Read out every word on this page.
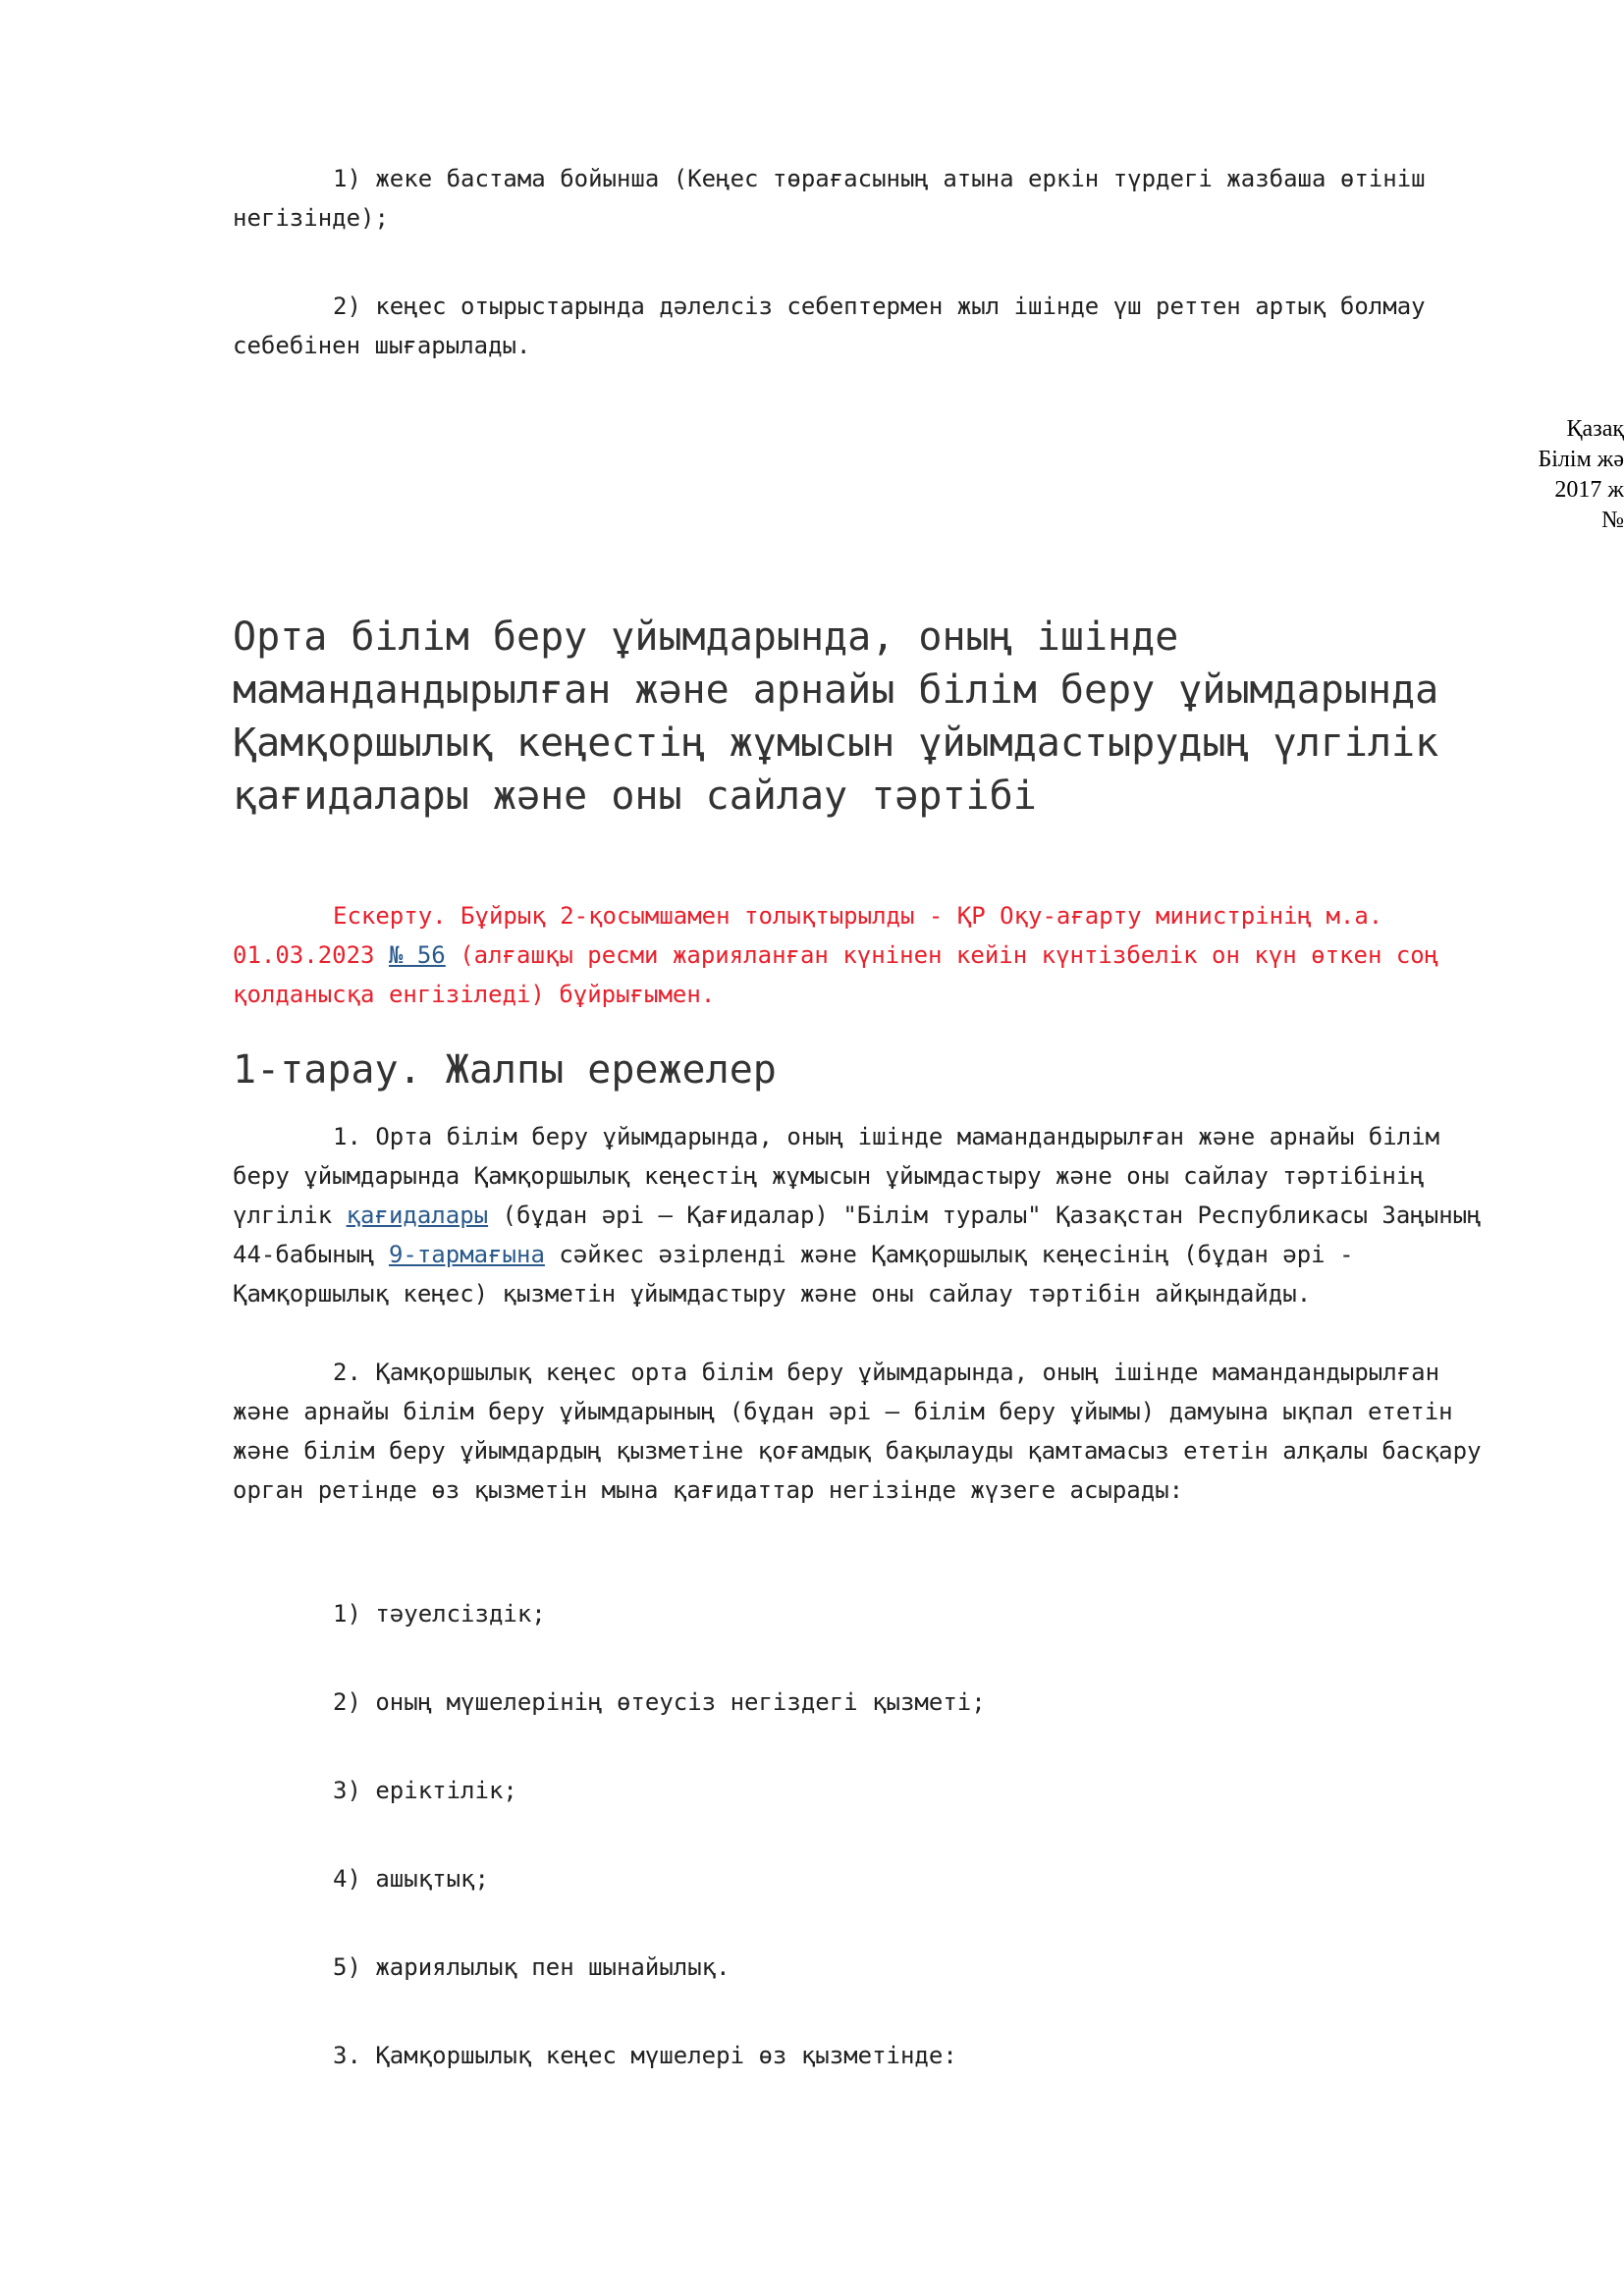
1) жеке бастама бойынша (Кеңес төрағасының атына еркін түрдегі жазбаша өтініш негізінде);

2) кеңес отырыстарында дәлелсіз себептермен жыл ішінде үш реттен артық болмау себебінен шығарылады.

Қазақ
Білім жә
2017 ж
№
Орта білім беру ұйымдарында, оның ішінде мамандандырылған және арнайы білім беру ұйымдарында Қамқоршылық кеңестің жұмысын ұйымдастырудың үлгілік қағидалары және оны сайлау тәртібі

Ескерту. Бұйрық 2-қосымшамен толықтырылды - ҚР Оқу-ағарту министрінің м.а. 01.03.2023 № 56 (алғашқы ресми жарияланған күнінен кейін күнтізбелік он күн өткен соң қолданысқа енгізіледі) бұйрығымен.

1-тарау. Жалпы ережелер

1. Орта білім беру ұйымдарында, оның ішінде мамандандырылған және арнайы білім беру ұйымдарында Қамқоршылық кеңестің жұмысын ұйымдастыру және оны сайлау тәртібінің үлгілік қағидалары (бұдан әрі – Қағидалар) "Білім туралы" Қазақстан Республикасы Заңының 44-бабының 9-тармағына сәйкес әзірленді және Қамқоршылық кеңесінің (бұдан әрі - Қамқоршылық кеңес) қызметін ұйымдастыру және оны сайлау тәртібін айқындайды.

2. Қамқоршылық кеңес орта білім беру ұйымдарында, оның ішінде мамандандырылған және арнайы білім беру ұйымдарының (бұдан әрі – білім беру ұйымы) дамуына ықпал ететін және білім беру ұйымдардың қызметіне қоғамдық бақылауды қамтамасыз ететін алқалы басқару орган ретінде өз қызметін мына қағидаттар негізінде жүзеге асырады:

1) тәуелсіздік;

2) оның мүшелерінің өтеусіз негіздегі қызметі;

3) еріктілік;

4) ашықтық;

5) жариялылық пен шынайылық.

3. Қамқоршылық кеңес мүшелері өз қызметінде:
